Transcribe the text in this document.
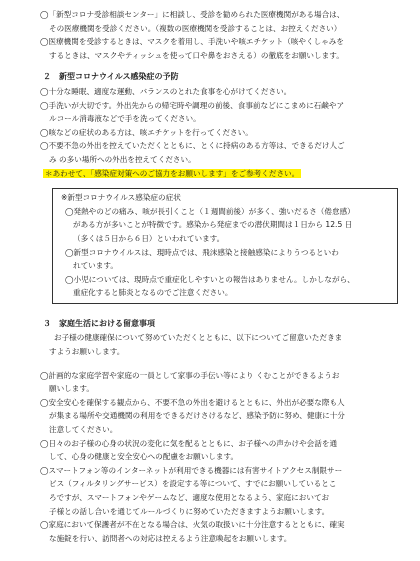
◯「新型コロナ受診相談センター」に相談し、受診を勧められた医療機関がある場合は、
その医療機関を受診ください。（複数の医療機関を受診することは、お控えください）
◯医療機関を受診するときは、マスクを着用し、手洗いや咳エチケット（咳やくしゃみを
するときは、マスクやティッシュを使って口や鼻をおさえる）の徹底をお願いします。
２　新型コロナウイルス感染症の予防
◯十分な睡眠、適度な運動、バランスのとれた食事を心がけてください。
◯手洗いが大切です。外出先からの帰宅時や調理の前後、食事前などにこまめに石鹸やア
ルコール消毒液などで手を洗ってください。
◯咳などの症状のある方は、咳エチケットを行ってください。
◯不要不急の外出を控えていただくとともに、とくに持病のある方等は、できるだけ人ご
み の多い場所への外出を控えてください。
＊あわせて、「感染症対策へのご協力をお願いします」をご参考ください。
※新型コロナウイルス感染症の症状
◯発熱やのどの痛み、咳が長引くこと（１週間前後）が多く、強いだるさ（倦怠感）
がある方が多いことが特徴です。感染から発症までの潜伏期間は１日から 12.5 日
（多くは５日から６日）といわれています。
◯新型コロナウイルスは、現時点では、飛沫感染と接触感染によりうつるといわ
れています。
◯小児については、現時点で重症化しやすいとの報告はありません。しかしながら、
重症化すると肺炎となるのでご注意ください。
３　家庭生活における留意事項
お子様の健康確保について努めていただくとともに、以下についてご留意いただきま
すようお願いします。
◯計画的な家庭学習や家庭の一員として家事の手伝い等により くむことができるようお
願いします。
◯安全安心を確保する観点から、不要不急の外出を避けるとともに、外出が必要な際も人
が集まる場所や交通機関の利用をできるだけさけるなど、感染予防に努め、健康に十分
注意してください。
◯日々のお子様の心身の状況の変化に気を配るとともに、お子様への声かけや会話を通
して、心身の健康と安全安心への配慮をお願いします。
◯スマートフォン等のインターネットが利用できる機器には有害サイトアクセス制限サー
ビス（フィルタリングサービス）を設定する等について、すでにお願いしているとこ
ろですが、スマートフォンやゲームなど、適度な使用となるよう、家庭においてお
子様との話し合いを通じてルールづくりに努めていただきますようお願いします。
◯家庭において保護者が不在となる場合は、火気の取扱いに十分注意するとともに、確実
な施錠を行い、訪問者への対応は控えるよう注意喚起をお願いします。
